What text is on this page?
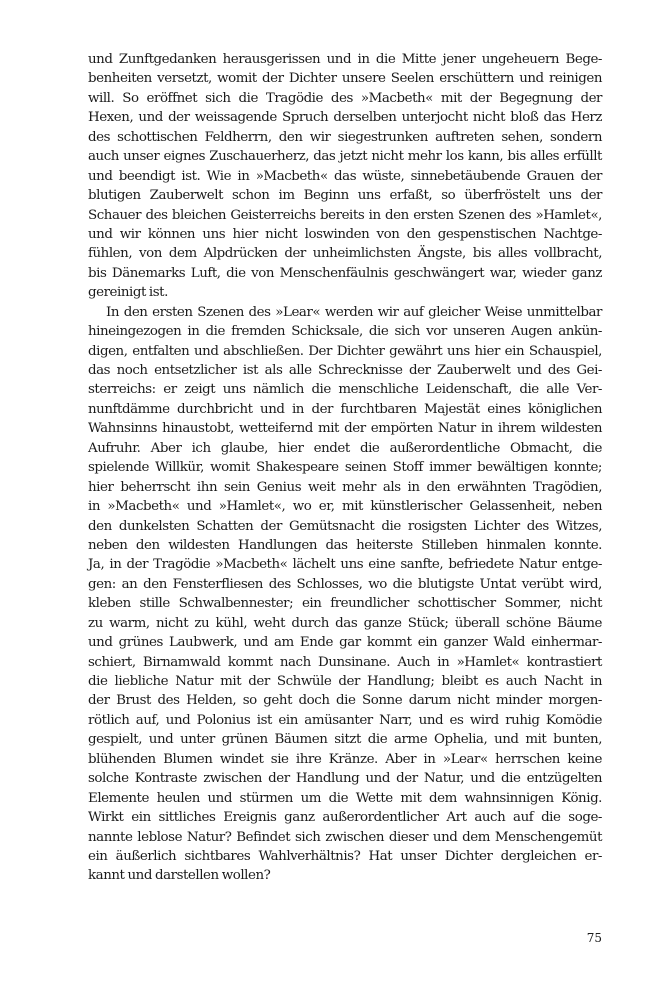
und Zunftgedanken herausgerissen und in die Mitte jener ungeheuern Bege-
benheiten versetzt, womit der Dichter unsere Seelen erschüttern und reinigen
will. So eröffnet sich die Tragödie des »Macbeth« mit der Begegnung der
Hexen, und der weissagende Spruch derselben unterjocht nicht bloß das Herz
des schottischen Feldherrn, den wir siegestrunken auftreten sehen, sondern
auch unser eignes Zuschauerherz, das jetzt nicht mehr los kann, bis alles erfüllt
und beendigt ist. Wie in »Macbeth« das wüste, sinnebetäubende Grauen der
blutigen Zauberwelt schon im Beginn uns erfaßt, so überfröstelt uns der
Schauer des bleichen Geisterreichs bereits in den ersten Szenen des »Hamlet«,
und wir können uns hier nicht loswinden von den gespenstischen Nachtge-
fühlen, von dem Alpdrücken der unheimlichsten Ängste, bis alles vollbracht,
bis Dänemarks Luft, die von Menschenfäulnis geschwängert war, wieder ganz
gereinigt ist.
In den ersten Szenen des »Lear« werden wir auf gleicher Weise unmittelbar
hineingezogen in die fremden Schicksale, die sich vor unseren Augen ankün-
digen, entfalten und abschließen. Der Dichter gewährt uns hier ein Schauspiel,
das noch entsetzlicher ist als alle Schrecknisse der Zauberwelt und des Gei-
sterreichs: er zeigt uns nämlich die menschliche Leidenschaft, die alle Ver-
nunftdämme durchbricht und in der furchtbaren Majestät eines königlichen
Wahnsinns hinaustobt, wetteifernd mit der empörten Natur in ihrem wildesten
Aufruhr. Aber ich glaube, hier endet die außerordentliche Obmacht, die
spielende Willkür, womit Shakespeare seinen Stoff immer bewältigen konnte;
hier beherrscht ihn sein Genius weit mehr als in den erwähnten Tragödien,
in »Macbeth« und »Hamlet«, wo er, mit künstlerischer Gelassenheit, neben
den dunkelsten Schatten der Gemütsnacht die rosigsten Lichter des Witzes,
neben den wildesten Handlungen das heiterste Stilleben hinmalen konnte.
Ja, in der Tragödie »Macbeth« lächelt uns eine sanfte, befriedete Natur entge-
gen: an den Fensterfliesen des Schlosses, wo die blutigste Untat verübt wird,
kleben stille Schwalbennester; ein freundlicher schottischer Sommer, nicht
zu warm, nicht zu kühl, weht durch das ganze Stück; überall schöne Bäume
und grünes Laubwerk, und am Ende gar kommt ein ganzer Wald einhermar-
schiert, Birnamwald kommt nach Dunsinane. Auch in »Hamlet« kontrastiert
die liebliche Natur mit der Schwüle der Handlung; bleibt es auch Nacht in
der Brust des Helden, so geht doch die Sonne darum nicht minder morgen-
rötlich auf, und Polonius ist ein amüsanter Narr, und es wird ruhig Komödie
gespielt, und unter grünen Bäumen sitzt die arme Ophelia, und mit bunten,
blühenden Blumen windet sie ihre Kränze. Aber in »Lear« herrschen keine
solche Kontraste zwischen der Handlung und der Natur, und die entzügelten
Elemente heulen und stürmen um die Wette mit dem wahnsinnigen König.
Wirkt ein sittliches Ereignis ganz außerordentlicher Art auch auf die soge-
nannte leblose Natur? Befindet sich zwischen dieser und dem Menschengemüt
ein äußerlich sichtbares Wahlverhältnis? Hat unser Dichter dergleichen er-
kannt und darstellen wollen?
75
